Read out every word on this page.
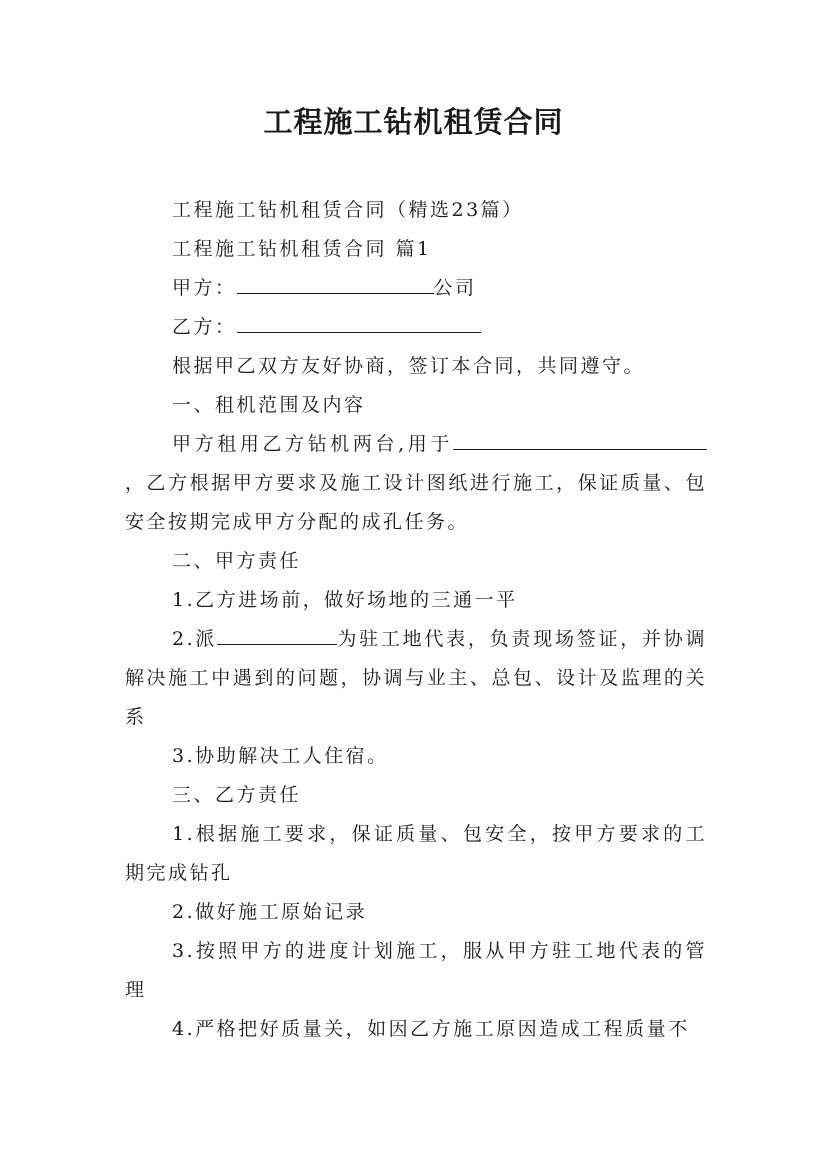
工程施工钻机租赁合同

工程施工钻机租赁合同（精选23篇）

工程施工钻机租赁合同 篇1

甲方：	公司

乙方：

根据甲乙双方友好协商，签订本合同，共同遵守。

一、租机范围及内容

甲方租用乙方钻机两台,用于，乙方根据甲方要求及施工设计图纸进行施工，保证质量、包安全按期完成甲方分配的成孔任务。

二、甲方责任

1.乙方进场前，做好场地的三通一平

2.派	为驻工地代表，负责现场签证，并协调解决施工中遇到的问题，协调与业主、总包、设计及监理的关系

3.协助解决工人住宿。

三、乙方责任

1.根据施工要求，保证质量、包安全，按甲方要求的工期完成钻孔

2.做好施工原始记录

3.按照甲方的进度计划施工，服从甲方驻工地代表的管理

4.严格把好质量关，如因乙方施工原因造成工程质量不
